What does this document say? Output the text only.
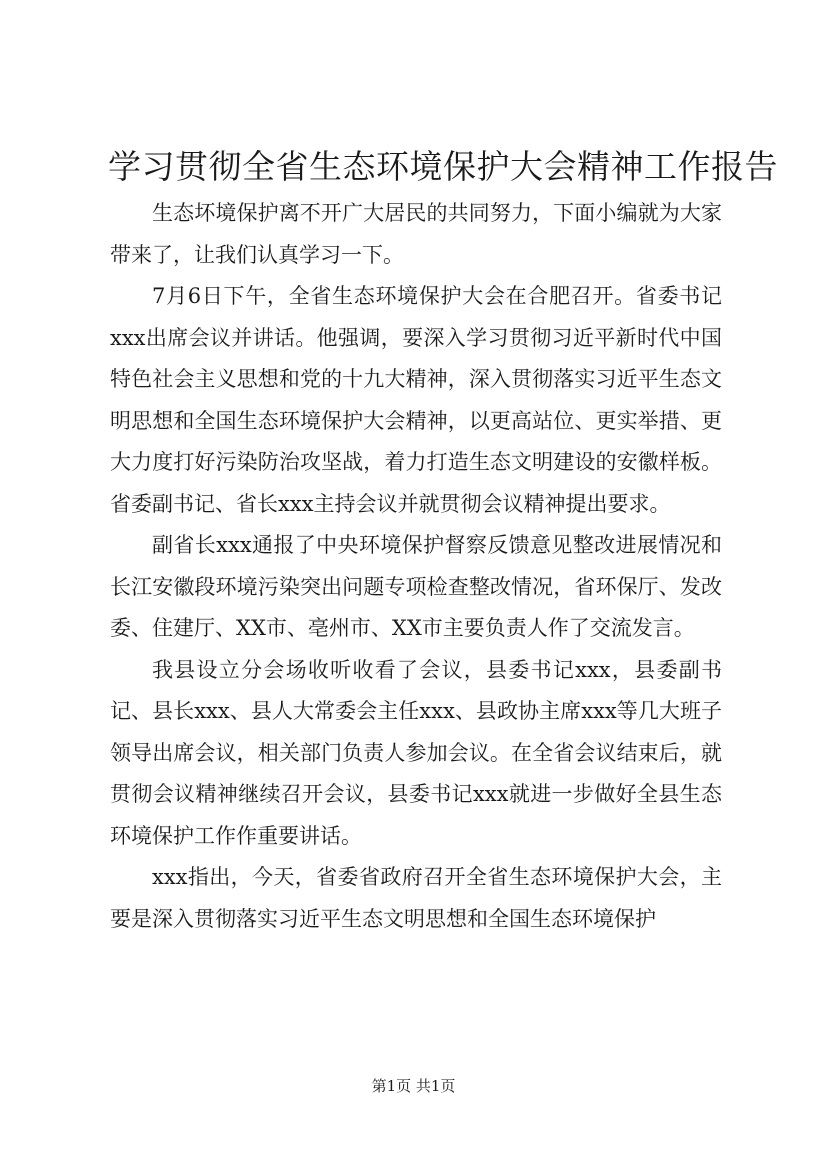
学习贯彻全省生态环境保护大会精神工作报告

生态坏境保护离不开广大居民的共同努力，下面小编就为大家带来了，让我们认真学习一下。

7月6日下午，全省生态环境保护大会在合肥召开。省委书记xxx出席会议并讲话。他强调，要深入学习贯彻习近平新时代中国特色社会主义思想和党的十九大精神，深入贯彻落实习近平生态文明思想和全国生态环境保护大会精神，以更高站位、更实举措、更大力度打好污染防治攻坚战，着力打造生态文明建设的安徽样板。省委副书记、省长xxx主持会议并就贯彻会议精神提出要求。

副省长xxx通报了中央环境保护督察反馈意见整改进展情况和长江安徽段环境污染突出问题专项检查整改情况，省环保厅、发改委、住建厅、XX市、亳州市、XX市主要负责人作了交流发言。

我县设立分会场收听收看了会议，县委书记xxx，县委副书记、县长xxx、县人大常委会主任xxx、县政协主席xxx等几大班子领导出席会议，相关部门负责人参加会议。在全省会议结束后，就贯彻会议精神继续召开会议，县委书记xxx就进一步做好全县生态环境保护工作作重要讲话。

xxx指出，今天，省委省政府召开全省生态环境保护大会，主要是深入贯彻落实习近平生态文明思想和全国生态环境保护

第1页 共1页
